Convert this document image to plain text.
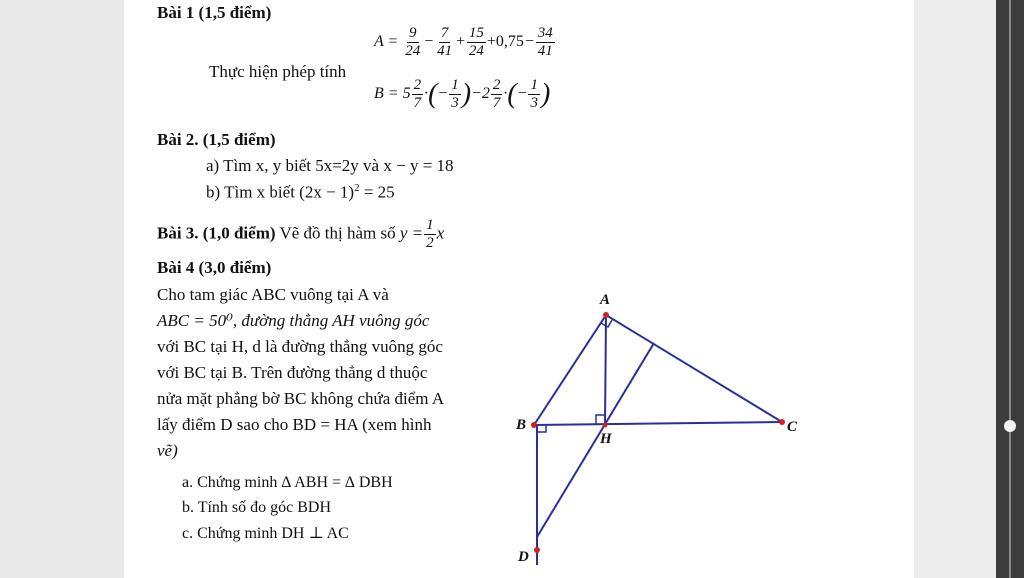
Bài 1 (1,5 điểm)
Thực hiện phép tính
$A = \frac{9}{24} - \frac{7}{41} + \frac{15}{24} +0,75- \frac{34}{41}$
$B = 5 \frac{2}{7}$ ·(− $\frac{1}{3} )-2 \frac{2}{7}$ ·(− $\frac{1}{3}$ )
Bài 2. (1,5 điểm)
a) Tìm x, y biết 5x=2y và x − y = 18
b) Tìm x biết $(2x - 1)^2 = 25$
Bài 3. (1,0 điểm) Vẽ đồ thị hàm số $y = \frac{1}{2}$ x
Bài 4 (3,0 điểm)
Cho tam giác ABC vuông tại A và
ABC = 50⁰, đường thẳng AH vuông góc
với BC tại H, d là đường thẳng vuông góc
với BC tại B. Trên đường thẳng d thuộc
nửa mặt phẳng bờ BC không chứa điểm A
lấy điểm D sao cho BD = HA (xem hình
vẽ)
a. Chứng minh ∆ ABH = ∆ DBH
b. Tính số đo góc BDH
c. Chứng minh DH ⊥ AC
A
B	C
H
D
